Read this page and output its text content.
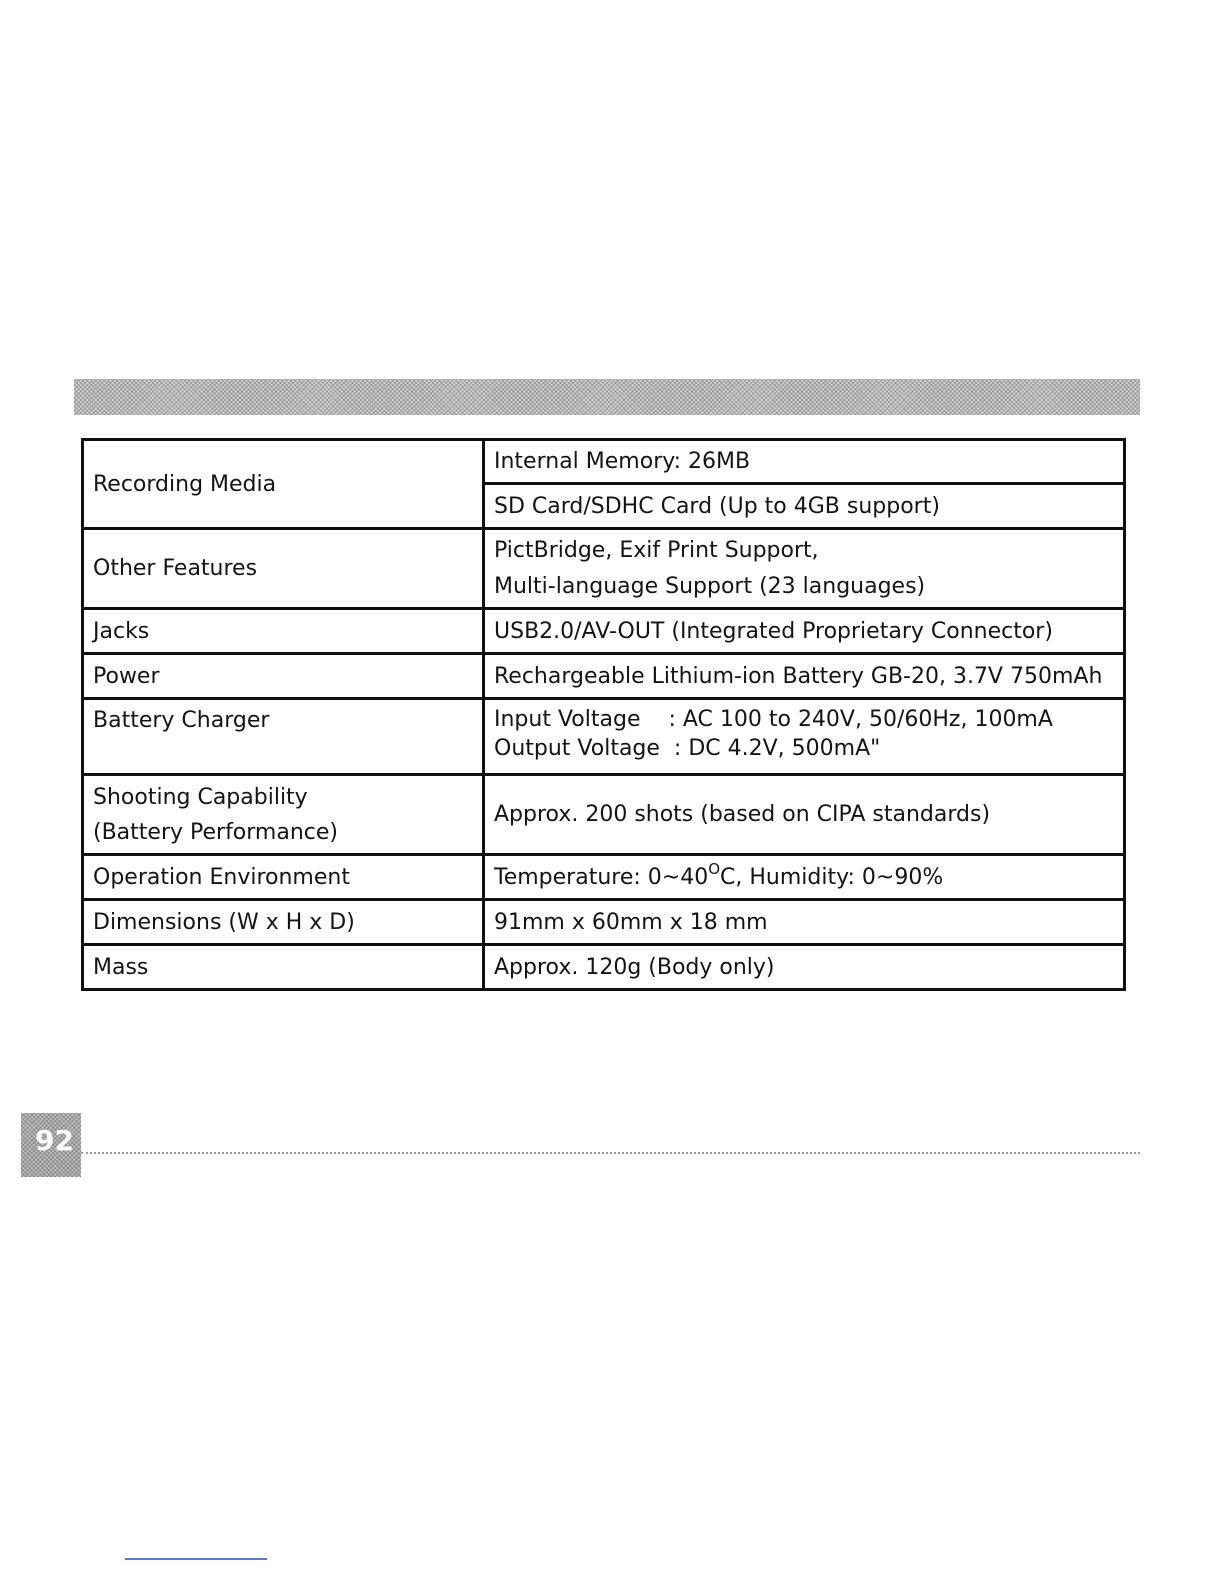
Recording Media	Internal Memory: 26MB
	SD Card/SDHC Card (Up to 4GB support)
Other Features	PictBridge, Exif Print Support,
Multi-language Support (23 languages)

Jacks	USB2.0/AV-OUT (Integrated Proprietary Connector)
Power	Rechargeable Lithium-ion Battery GB-20, 3.7V 750mAh
Battery Charger	Input Voltage    : AC 100 to 240V, 50/60Hz, 100mA
Output Voltage  : DC 4.2V, 500mA"

Shooting Capability
(Battery Performance)	Approx. 200 shots (based on CIPA standards)
Operation Environment	Temperature: $0\sim 40^OC$, Humidity: 0~90%
Dimensions (W x H x D)	91mm x 60mm x 18 mm
Mass	Approx. 120g (Body only)
92
